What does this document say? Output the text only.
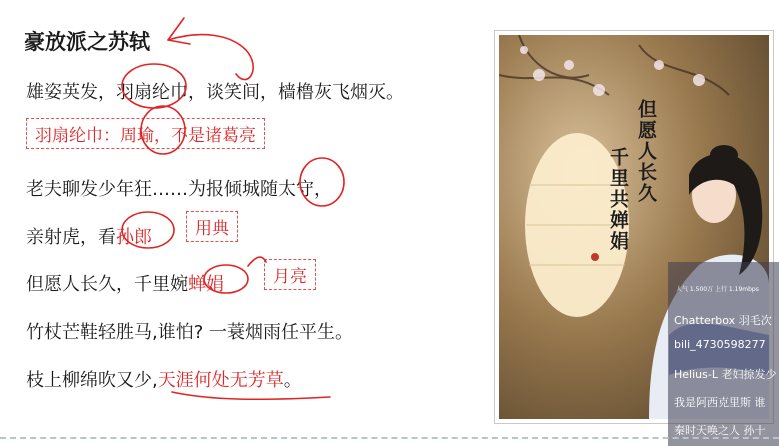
豪放派之苏轼
雄姿英发，羽扇纶巾，谈笑间，樯橹灰飞烟灭。
羽扇纶巾：周瑜，不是诸葛亮
老夫聊发少年狂……为报倾城随太守，
亲射虎，看孙郎	用典
但愿人长久，千里婉蝉娟	月亮
竹杖芒鞋轻胜马,谁怕? 一蓑烟雨任平生。
枝上柳绵吹又少,天涯何处无芳草。
但愿人长久
千里共婵娟
人气 1.500万 上行 1.19mbps
Chatterbox 羽毛次
bili_4730598277
Helius-L 老妇掠发少
我是阿西克里斯 谁
秦时天唤之人 孙十
